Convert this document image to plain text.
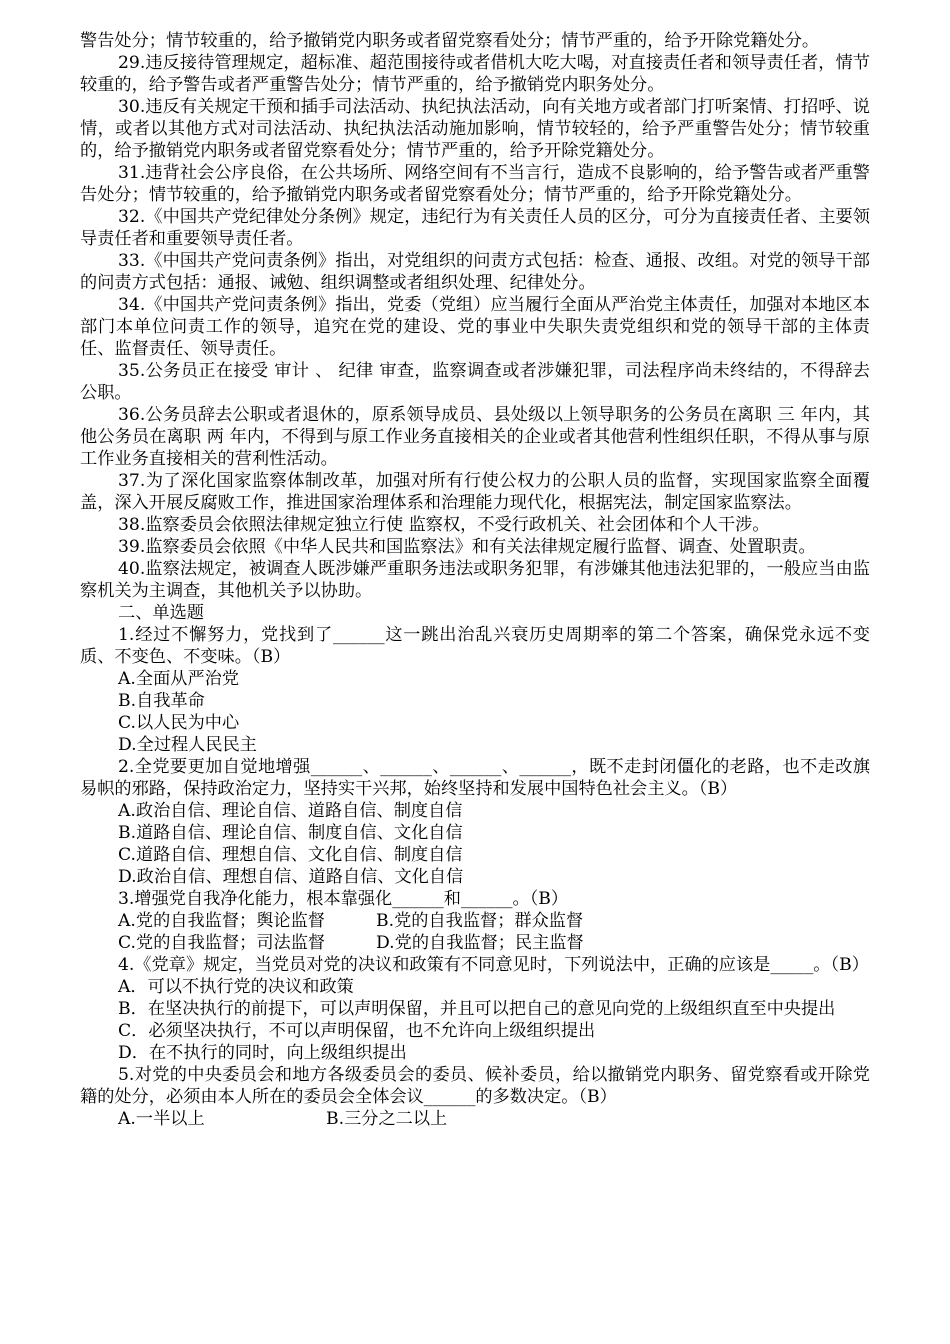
警告处分；情节较重的，给予撤销党内职务或者留党察看处分；情节严重的，给予开除党籍处分。

29.违反接待管理规定，超标准、超范围接待或者借机大吃大喝，对直接责任者和领导责任者，情节较重的，给予警告或者严重警告处分；情节严重的，给予撤销党内职务处分。

30.违反有关规定干预和插手司法活动、执纪执法活动，向有关地方或者部门打听案情、打招呼、说情，或者以其他方式对司法活动、执纪执法活动施加影响，情节较轻的，给予严重警告处分；情节较重的，给予撤销党内职务或者留党察看处分；情节严重的，给予开除党籍处分。

31.违背社会公序良俗，在公共场所、网络空间有不当言行，造成不良影响的，给予警告或者严重警告处分；情节较重的，给予撤销党内职务或者留党察看处分；情节严重的，给予开除党籍处分。

32.《中国共产党纪律处分条例》规定，违纪行为有关责任人员的区分，可分为直接责任者、主要领导责任者和重要领导责任者。

33.《中国共产党问责条例》指出，对党组织的问责方式包括：检查、通报、改组。对党的领导干部的问责方式包括：通报、诫勉、组织调整或者组织处理、纪律处分。

34.《中国共产党问责条例》指出，党委（党组）应当履行全面从严治党主体责任，加强对本地区本部门本单位问责工作的领导，追究在党的建设、党的事业中失职失责党组织和党的领导干部的主体责任、监督责任、领导责任。

35.公务员正在接受 审计 、 纪律 审查，监察调查或者涉嫌犯罪，司法程序尚未终结的，不得辞去公职。

36.公务员辞去公职或者退休的，原系领导成员、县处级以上领导职务的公务员在离职 三 年内，其他公务员在离职 两 年内，不得到与原工作业务直接相关的企业或者其他营利性组织任职，不得从事与原工作业务直接相关的营利性活动。

37.为了深化国家监察体制改革，加强对所有行使公权力的公职人员的监督，实现国家监察全面覆盖，深入开展反腐败工作，推进国家治理体系和治理能力现代化，根据宪法，制定国家监察法。

38.监察委员会依照法律规定独立行使 监察权，不受行政机关、社会团体和个人干涉。

39.监察委员会依照《中华人民共和国监察法》和有关法律规定履行监督、调查、处置职责。

40.监察法规定，被调查人既涉嫌严重职务违法或职务犯罪，有涉嫌其他违法犯罪的，一般应当由监察机关为主调查，其他机关予以协助。

二、单选题

1.经过不懈努力，党找到了______这一跳出治乱兴衰历史周期率的第二个答案，确保党永远不变质、不变色、不变味。（B）

A.全面从严治党

B.自我革命

C.以人民为中心

D.全过程人民民主

2.全党要更加自觉地增强______、______、______、______，既不走封闭僵化的老路，也不走改旗易帜的邪路，保持政治定力，坚持实干兴邦，始终坚持和发展中国特色社会主义。（B）

A.政治自信、理论自信、道路自信、制度自信

B.道路自信、理论自信、制度自信、文化自信

C.道路自信、理想自信、文化自信、制度自信

D.政治自信、理想自信、道路自信、文化自信

3.增强党自我净化能力，根本靠强化______和______。（B）

A.党的自我监督；舆论监督	B.党的自我监督；群众监督

C.党的自我监督；司法监督	D.党的自我监督；民主监督

4.《党章》规定，当党员对党的决议和政策有不同意见时，下列说法中，正确的应该是_____。（B）

A．可以不执行党的决议和政策

B．在坚决执行的前提下，可以声明保留，并且可以把自己的意见向党的上级组织直至中央提出

C．必须坚决执行，不可以声明保留，也不允许向上级组织提出

D．在不执行的同时，向上级组织提出

5.对党的中央委员会和地方各级委员会的委员、候补委员，给以撤销党内职务、留党察看或开除党籍的处分，必须由本人所在的委员会全体会议______的多数决定。（B）

A.一半以上	B.三分之二以上
